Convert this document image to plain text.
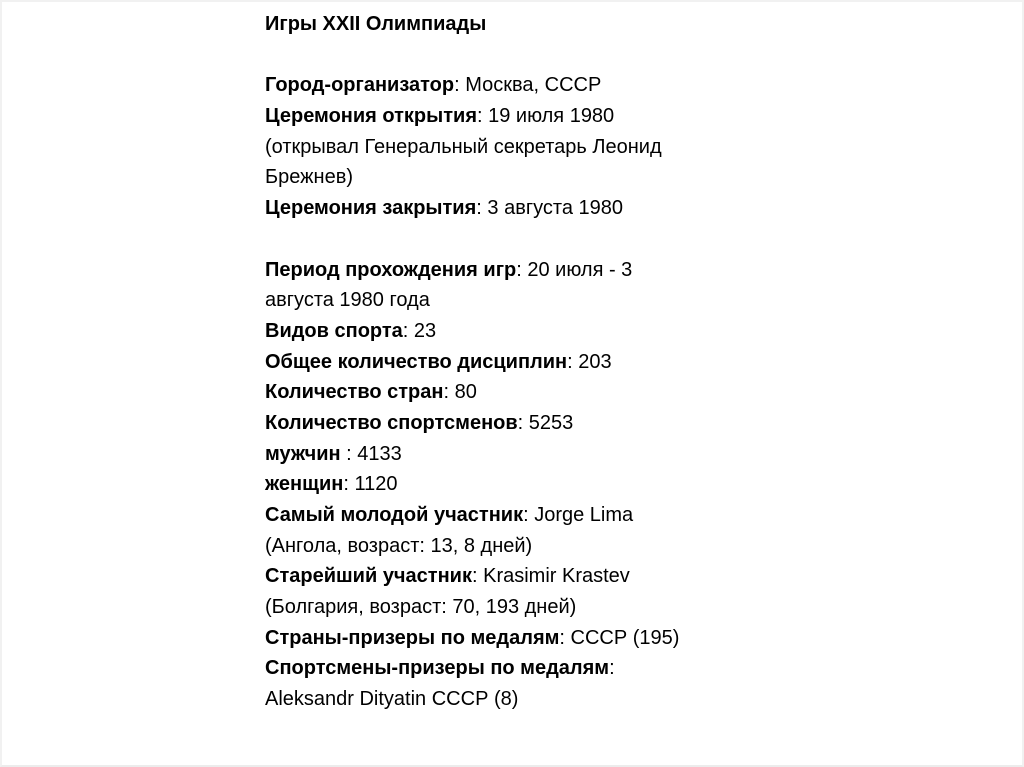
Игры XXII Олимпиады
Город-организатор: Москва, СССР
Церемония открытия: 19 июля 1980
(открывал Генеральный секретарь Леонид
Брежнев)
Церемония закрытия: 3 августа 1980
Период прохождения игр: 20 июля - 3
августа 1980 года
Видов спорта: 23
Общее количество дисциплин: 203
Количество стран: 80
Количество спортсменов: 5253
мужчин : 4133
женщин: 1120
Самый молодой участник: Jorge Lima
(Ангола, возраст: 13, 8 дней)
Старейший участник: Krasimir Krastev
(Болгария, возраст: 70, 193 дней)
Страны-призеры по медалям: СССР (195)
Спортсмены-призеры по медалям:
Aleksandr Dityatin СССР (8)
